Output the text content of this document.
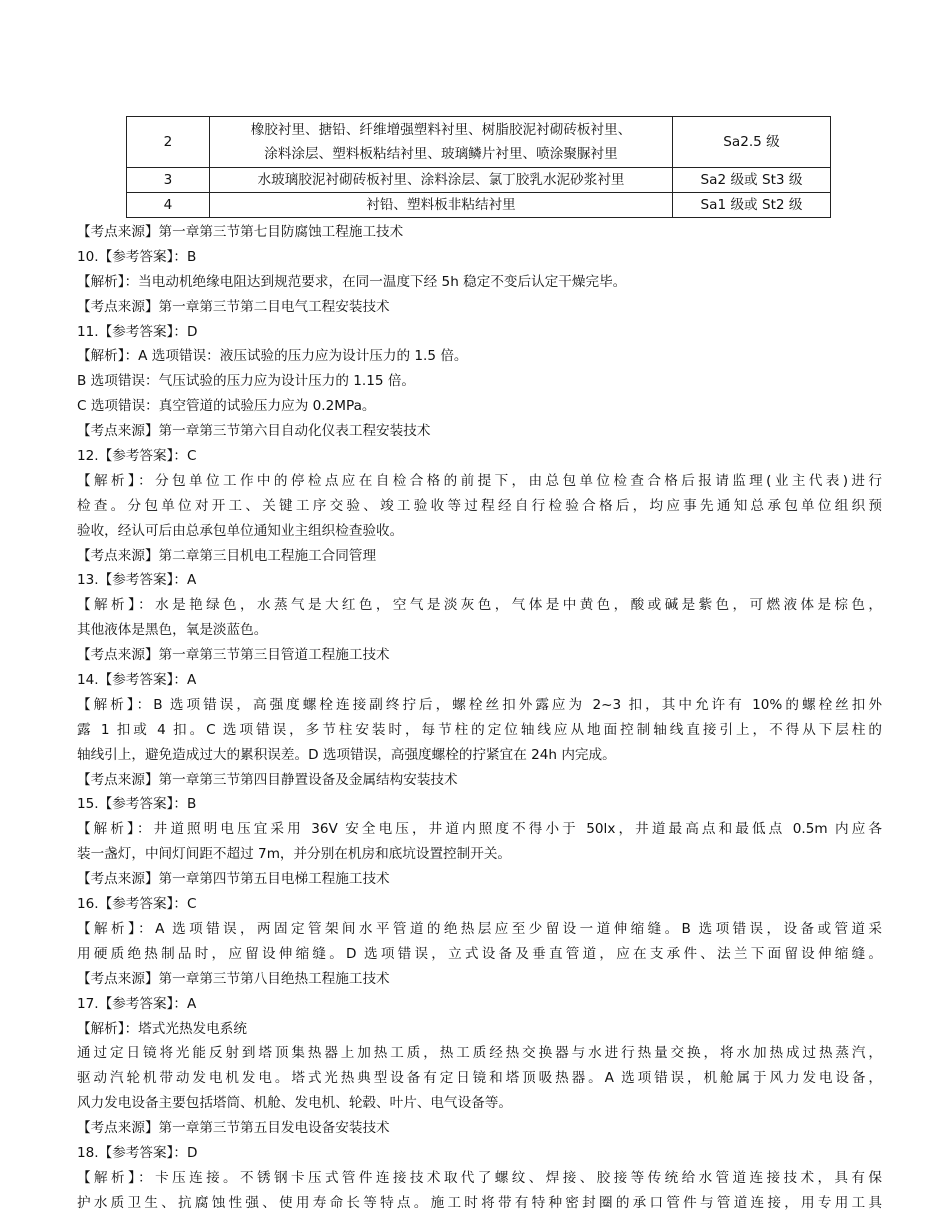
2	橡胶衬里、搪铅、纤维增强塑料衬里、树脂胶泥衬砌砖板衬里、
涂料涂层、塑料板粘结衬里、玻璃鳞片衬里、喷涂聚脲衬里	Sa2.5 级
3	水玻璃胶泥衬砌砖板衬里、涂料涂层、氯丁胶乳水泥砂浆衬里	Sa2 级或 St3 级
4	衬铅、塑料板非粘结衬里	Sa1 级或 St2 级
【考点来源】第一章第三节第七目防腐蚀工程施工技术
10.【参考答案】：B
【解析】：当电动机绝缘电阻达到规范要求，在同一温度下经 5h 稳定不变后认定干燥完毕。
【考点来源】第一章第三节第二目电气工程安装技术
11.【参考答案】：D
【解析】：A 选项错误：液压试验的压力应为设计压力的 1.5 倍。
B 选项错误：气压试验的压力应为设计压力的 1.15 倍。
C 选项错误：真空管道的试验压力应为 0.2MPa。
【考点来源】第一章第三节第六目自动化仪表工程安装技术
12.【参考答案】：C
【解析】：分包单位工作中的停检点应在自检合格的前提下，由总包单位检查合格后报请监理(业主代表)进行
检查。分包单位对开工、关键工序交验、竣工验收等过程经自行检验合格后，均应事先通知总承包单位组织预
验收，经认可后由总承包单位通知业主组织检查验收。
【考点来源】第二章第三目机电工程施工合同管理
13.【参考答案】：A
【解析】：水是艳绿色，水蒸气是大红色，空气是淡灰色，气体是中黄色，酸或碱是紫色，可燃液体是棕色，
其他液体是黑色，氧是淡蓝色。
【考点来源】第一章第三节第三目管道工程施工技术
14.【参考答案】：A
【解析】：B 选项错误，高强度螺栓连接副终拧后，螺栓丝扣外露应为 2~3 扣，其中允许有 10%的螺栓丝扣外
露 1 扣或 4 扣。C 选项错误，多节柱安装时，每节柱的定位轴线应从地面控制轴线直接引上，不得从下层柱的
轴线引上，避免造成过大的累积误差。D 选项错误，高强度螺栓的拧紧宜在 24h 内完成。
【考点来源】第一章第三节第四目静置设备及金属结构安装技术
15.【参考答案】：B
【解析】：井道照明电压宜采用 36V 安全电压，井道内照度不得小于 50lx，井道最高点和最低点 0.5m 内应各
装一盏灯，中间灯间距不超过 7m，并分别在机房和底坑设置控制开关。
【考点来源】第一章第四节第五目电梯工程施工技术
16.【参考答案】：C
【解析】：A 选项错误，两固定管架间水平管道的绝热层应至少留设一道伸缩缝。B 选项错误，设备或管道采
用硬质绝热制品时，应留设伸缩缝。D 选项错误，立式设备及垂直管道，应在支承件、法兰下面留设伸缩缝。
【考点来源】第一章第三节第八目绝热工程施工技术
17.【参考答案】：A
【解析】：塔式光热发电系统
通过定日镜将光能反射到塔顶集热器上加热工质，热工质经热交换器与水进行热量交换，将水加热成过热蒸汽，
驱动汽轮机带动发电机发电。塔式光热典型设备有定日镜和塔顶吸热器。A 选项错误，机舱属于风力发电设备，
风力发电设备主要包括塔筒、机舱、发电机、轮毂、叶片、电气设备等。
【考点来源】第一章第三节第五目发电设备安装技术
18.【参考答案】：D
【解析】：卡压连接。不锈钢卡压式管件连接技术取代了螺纹、焊接、胶接等传统给水管道连接技术，具有保
护水质卫生、抗腐蚀性强、使用寿命长等特点。施工时将带有特种密封圈的承口管件与管道连接，用专用工具
